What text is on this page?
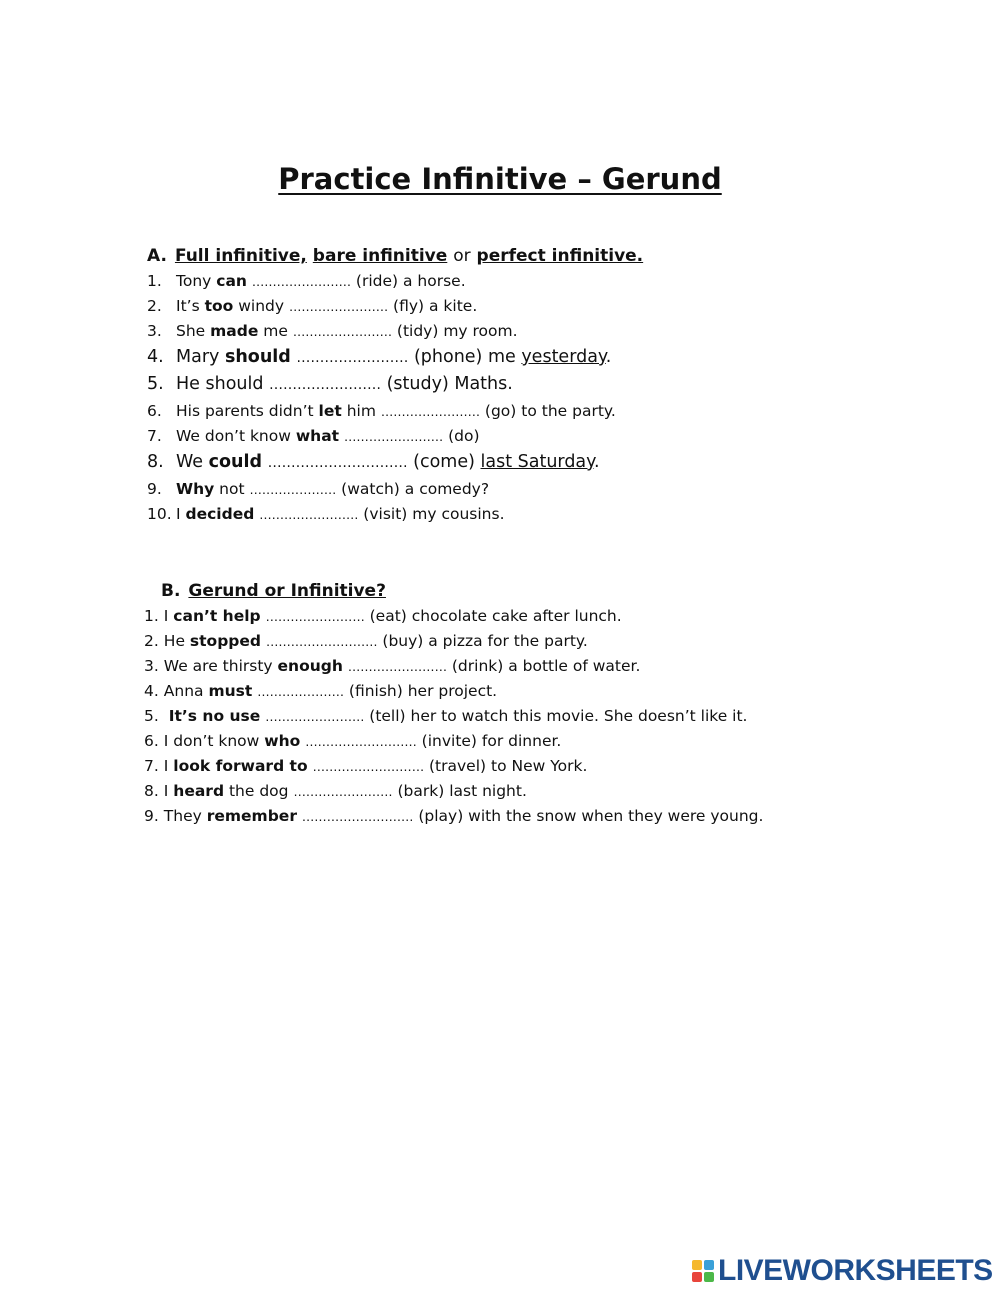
Practice Infinitive – Gerund
A. Full infinitive, bare infinitive or perfect infinitive.
1. Tony can …………………… (ride) a horse.
2. It’s too windy …………………… (fly) a kite.
3. She made me …………………… (tidy) my room.
4. Mary should …………………… (phone) me yesterday.
5. He should …………………… (study) Maths.
6. His parents didn’t let him …………………… (go) to the party.
7. We don’t know what …………………… (do)
8. We could ………………………… (come) last Saturday.
9. Why not ………………… (watch) a comedy?
10. I decided …………………… (visit) my cousins.
B. Gerund or Infinitive?
1. I can’t help …………………… (eat) chocolate cake after lunch.
2. He stopped ……………………… (buy) a pizza for the party.
3. We are thirsty enough …………………… (drink) a bottle of water.
4. Anna must ………………… (finish) her project.
5. It’s no use …………………… (tell) her to watch this movie. She doesn’t like it.
6. I don’t know who ……………………… (invite) for dinner.
7. I look forward to ……………………… (travel) to New York.
8. I heard the dog …………………… (bark) last night.
9. They remember ……………………… (play) with the snow when they were young.
LIVEWORKSHEETS
